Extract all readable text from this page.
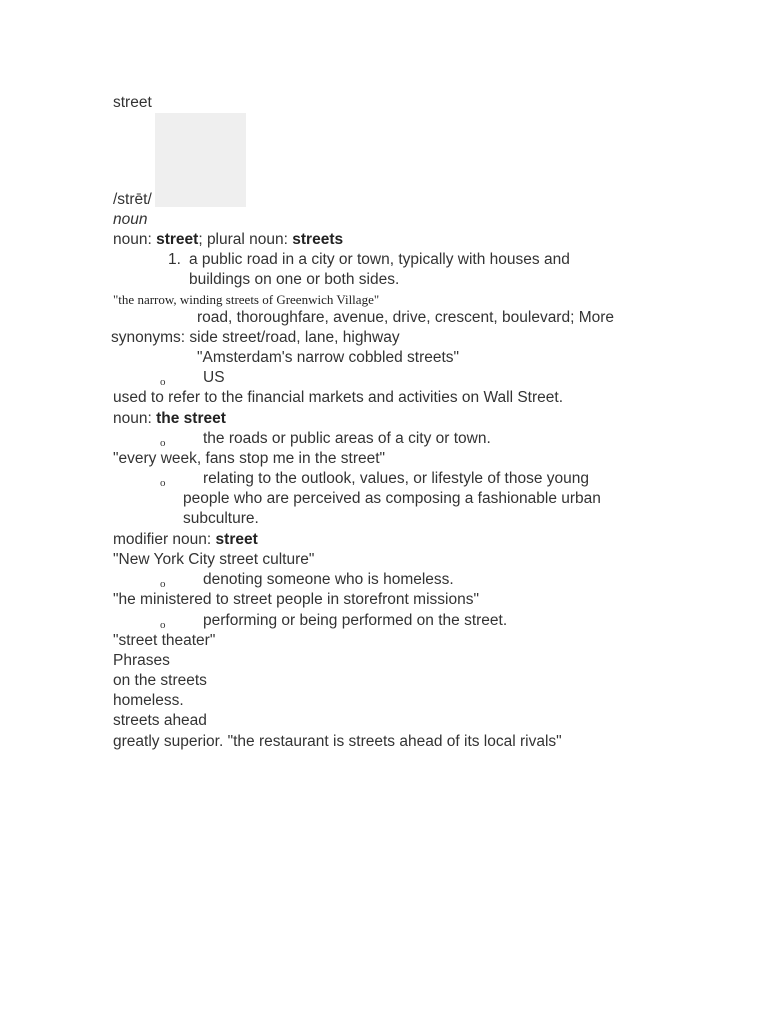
street
/strēt/
noun
noun: street; plural noun: streets
1. a public road in a city or town, typically with houses and
buildings on one or both sides.
"the narrow, winding streets of Greenwich Village"
road, thoroughfare, avenue, drive, crescent, boulevard; More
synonyms: side street/road, lane, highway
"Amsterdam's narrow cobbled streets"
o US
used to refer to the financial markets and activities on Wall Street.
noun: the street
o the roads or public areas of a city or town.
"every week, fans stop me in the street"
o relating to the outlook, values, or lifestyle of those young
people who are perceived as composing a fashionable urban
subculture.
modifier noun: street
"New York City street culture"
o denoting someone who is homeless.
"he ministered to street people in storefront missions"
o performing or being performed on the street.
"street theater"
Phrases
on the streets
homeless.
streets ahead
greatly superior. "the restaurant is streets ahead of its local rivals"
